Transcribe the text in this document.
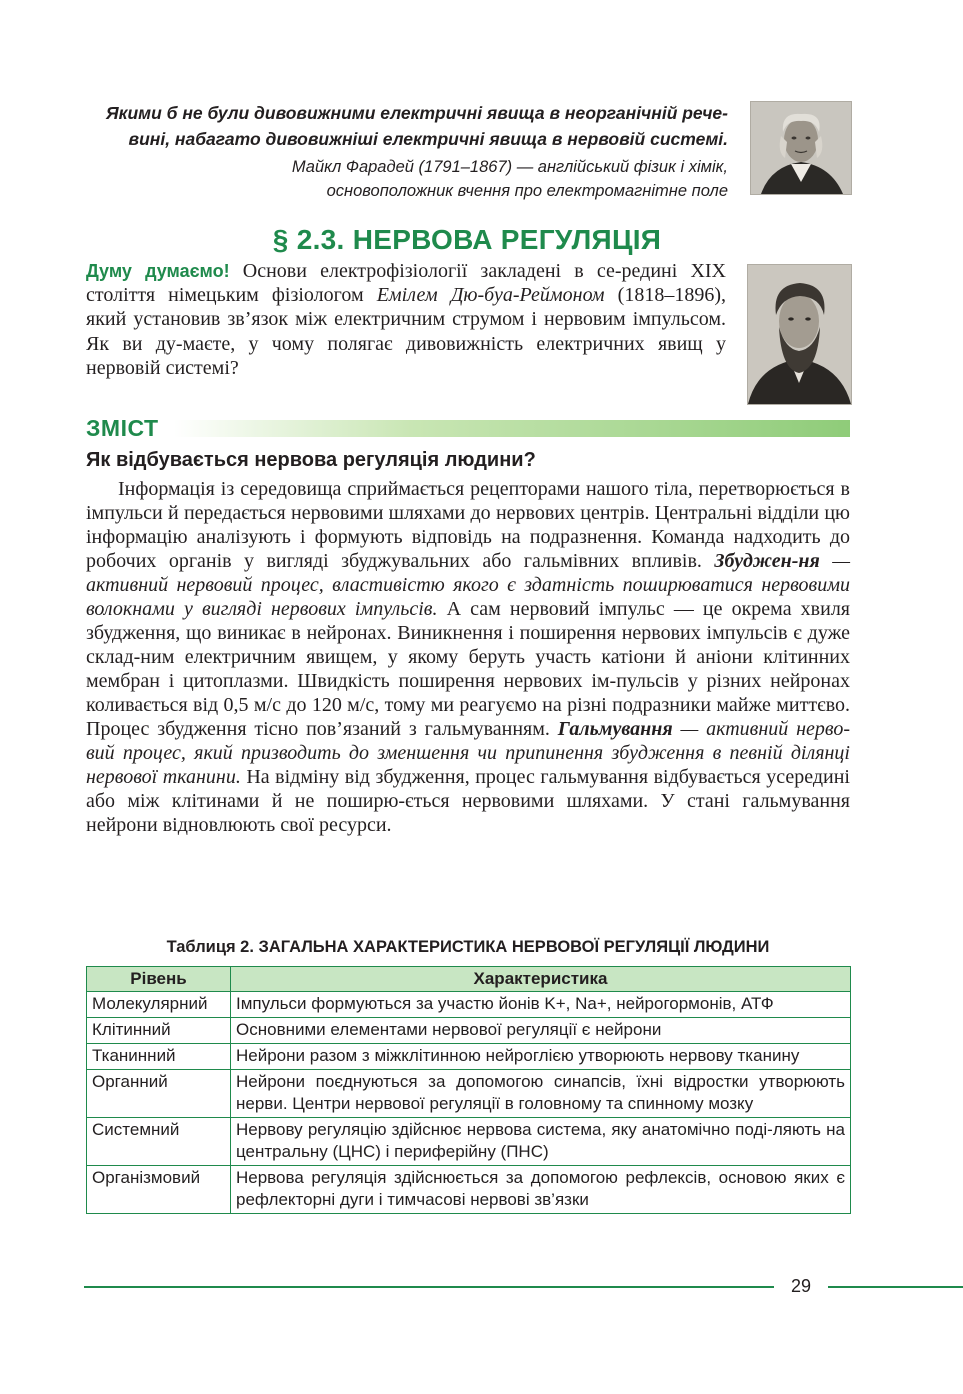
Якими б не були дивовижними електричні явища в неорганічній рече-
вині, набагато дивовижніші електричні явища в нервовій системі.
Майкл Фарадей (1791–1867) — англійський фізик і хімік,
основоположник вчення про електромагнітне поле
§ 2.3. НЕРВОВА РЕГУЛЯЦІЯ
Думу думаємо! Основи електрофізіології закладені в се-редині XIX століття німецьким фізіологом Емілем Дю-буа-Реймоном (1818–1896), який установив зв’язок між електричним струмом і нервовим імпульсом. Як ви ду-маєте, у чому полягає дивовижність електричних явищ у нервовій системі?
ЗМІСТ
Як відбувається нервова регуляція людини?

Інформація із середовища сприймається рецепторами нашого тіла, перетворюється в імпульси й передається нервовими шляхами до нервових центрів. Центральні відділи цю інформацію аналізують і формують відповідь на подразнення. Команда надходить до робочих органів у вигляді збуджувальних або гальмівних впливів. Збуджен-ня — активний нервовий процес, властивістю якого є здатність поширюватися нервовими волокнами у вигляді нервових імпульсів. А сам нервовий імпульс — це окрема хвиля збудження, що виникає в нейронах. Виникнення і поширення нервових імпульсів є дуже склад-ним електричним явищем, у якому беруть участь катіони й аніони клітинних мембран і цитоплазми. Швидкість поширення нервових ім-пульсів у різних нейронах коливається від 0,5 м/с до 120 м/с, тому ми реагуємо на різні подразники майже миттєво. Процес збудження тісно пов’язаний з гальмуванням. Гальмування — активний нерво-вий процес, який призводить до зменшення чи припинення збудження в певній ділянці нервової тканини. На відміну від збудження, процес гальмування відбувається усередині або між клітинами й не поширю-ється нервовими шляхами. У стані гальмування нейрони відновлюють свої ресурси.

Таблиця 2. ЗАГАЛЬНА ХАРАКТЕРИСТИКА НЕРВОВОЇ РЕГУЛЯЦІЇ ЛЮДИНИ
Рівень	Характеристика
Молекулярний	Імпульси формуються за участю йонів K+, Na+, нейрогормонів, АТФ
Клітинний	Основними елементами нервової регуляції є нейрони
Тканинний	Нейрони разом з міжклітинною нейроглією утворюють нервову тканину
Органний	Нейрони поєднуються за допомогою синапсів, їхні відростки утворюють нерви. Центри нервової регуляції в головному та спинному мозку
Системний	Нервову регуляцію здійснює нервова система, яку анатомічно поді-ляють на центральну (ЦНС) і периферійну (ПНС)
Організмовий	Нервова регуляція здійснюється за допомогою рефлексів, основою яких є рефлекторні дуги і тимчасові нервові зв’язки
29
